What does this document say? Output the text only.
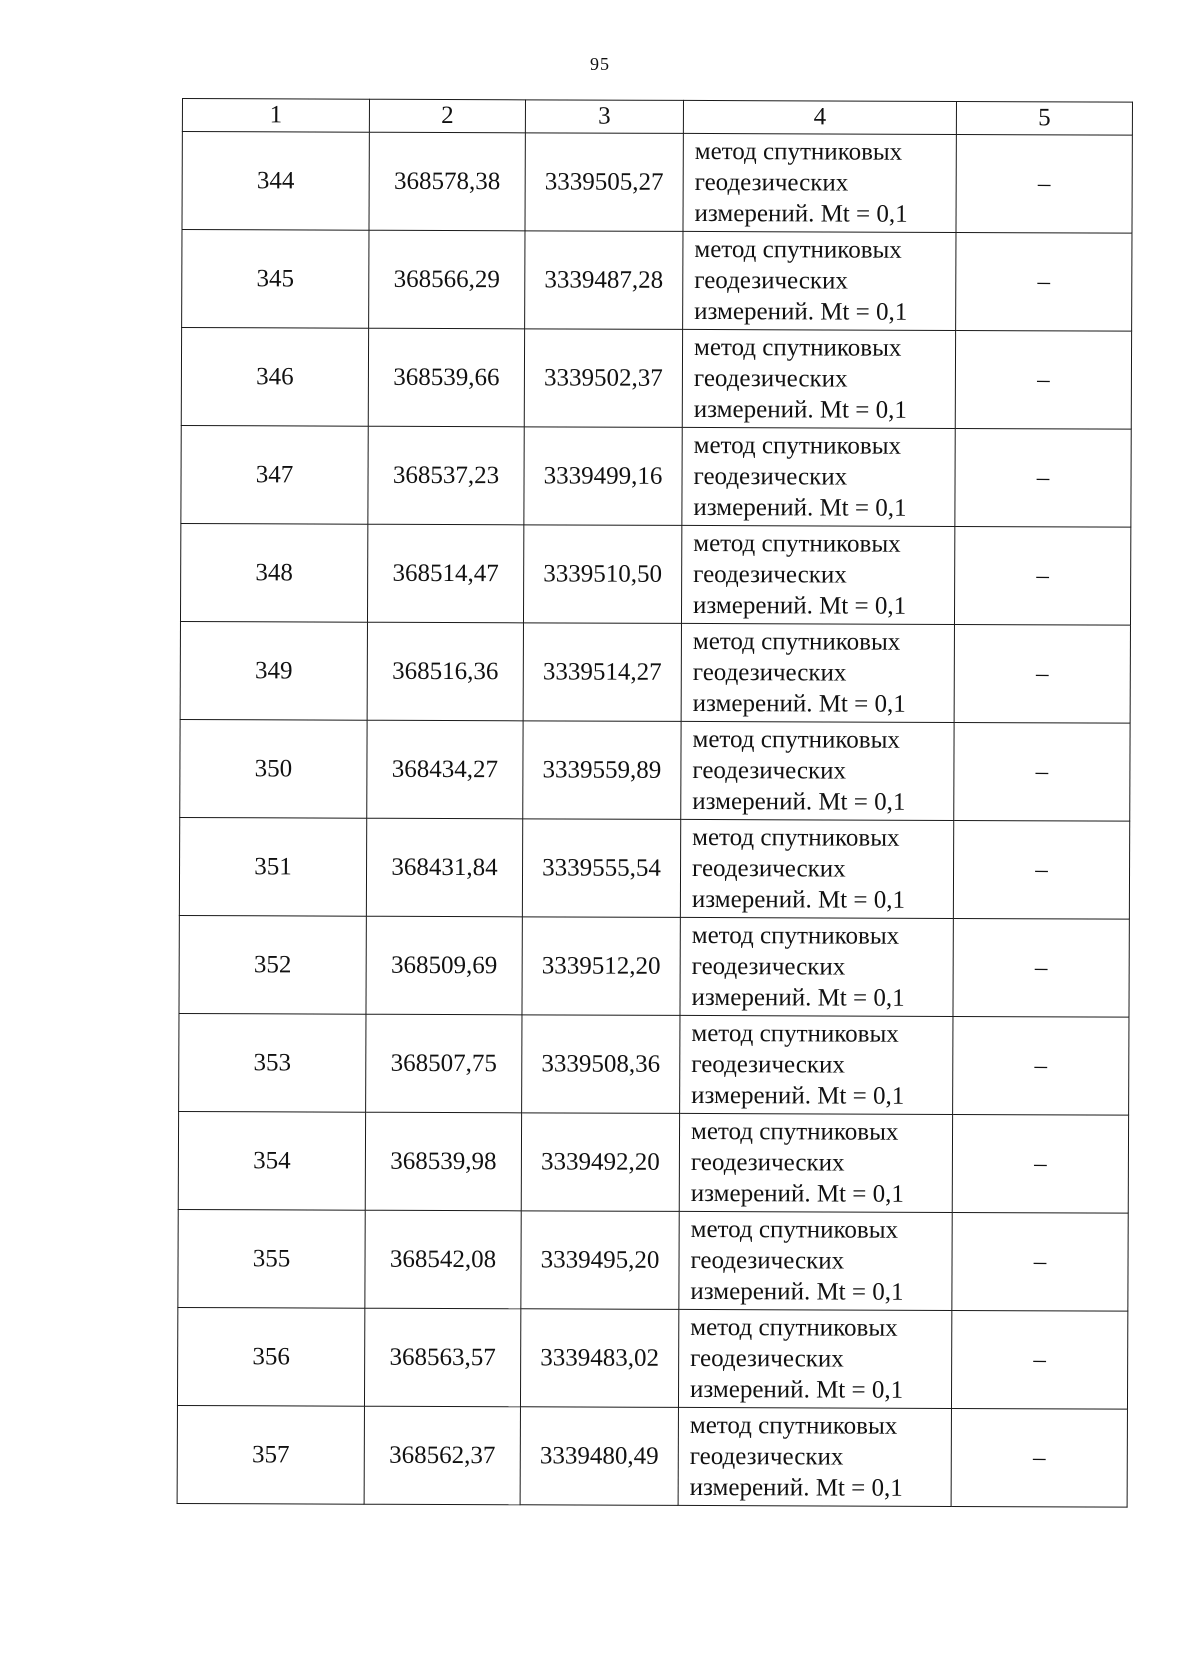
95
1	2	3	4	5
344	368578,38	3339505,27	метод спутниковых
геодезических
измерений. Mt = 0,1	–
345	368566,29	3339487,28	метод спутниковых
геодезических
измерений. Mt = 0,1	–
346	368539,66	3339502,37	метод спутниковых
геодезических
измерений. Mt = 0,1	–
347	368537,23	3339499,16	метод спутниковых
геодезических
измерений. Mt = 0,1	–
348	368514,47	3339510,50	метод спутниковых
геодезических
измерений. Mt = 0,1	–
349	368516,36	3339514,27	метод спутниковых
геодезических
измерений. Mt = 0,1	–
350	368434,27	3339559,89	метод спутниковых
геодезических
измерений. Mt = 0,1	–
351	368431,84	3339555,54	метод спутниковых
геодезических
измерений. Mt = 0,1	–
352	368509,69	3339512,20	метод спутниковых
геодезических
измерений. Mt = 0,1	–
353	368507,75	3339508,36	метод спутниковых
геодезических
измерений. Mt = 0,1	–
354	368539,98	3339492,20	метод спутниковых
геодезических
измерений. Mt = 0,1	–
355	368542,08	3339495,20	метод спутниковых
геодезических
измерений. Mt = 0,1	–
356	368563,57	3339483,02	метод спутниковых
геодезических
измерений. Mt = 0,1	–
357	368562,37	3339480,49	метод спутниковых
геодезических
измерений. Mt = 0,1	–
